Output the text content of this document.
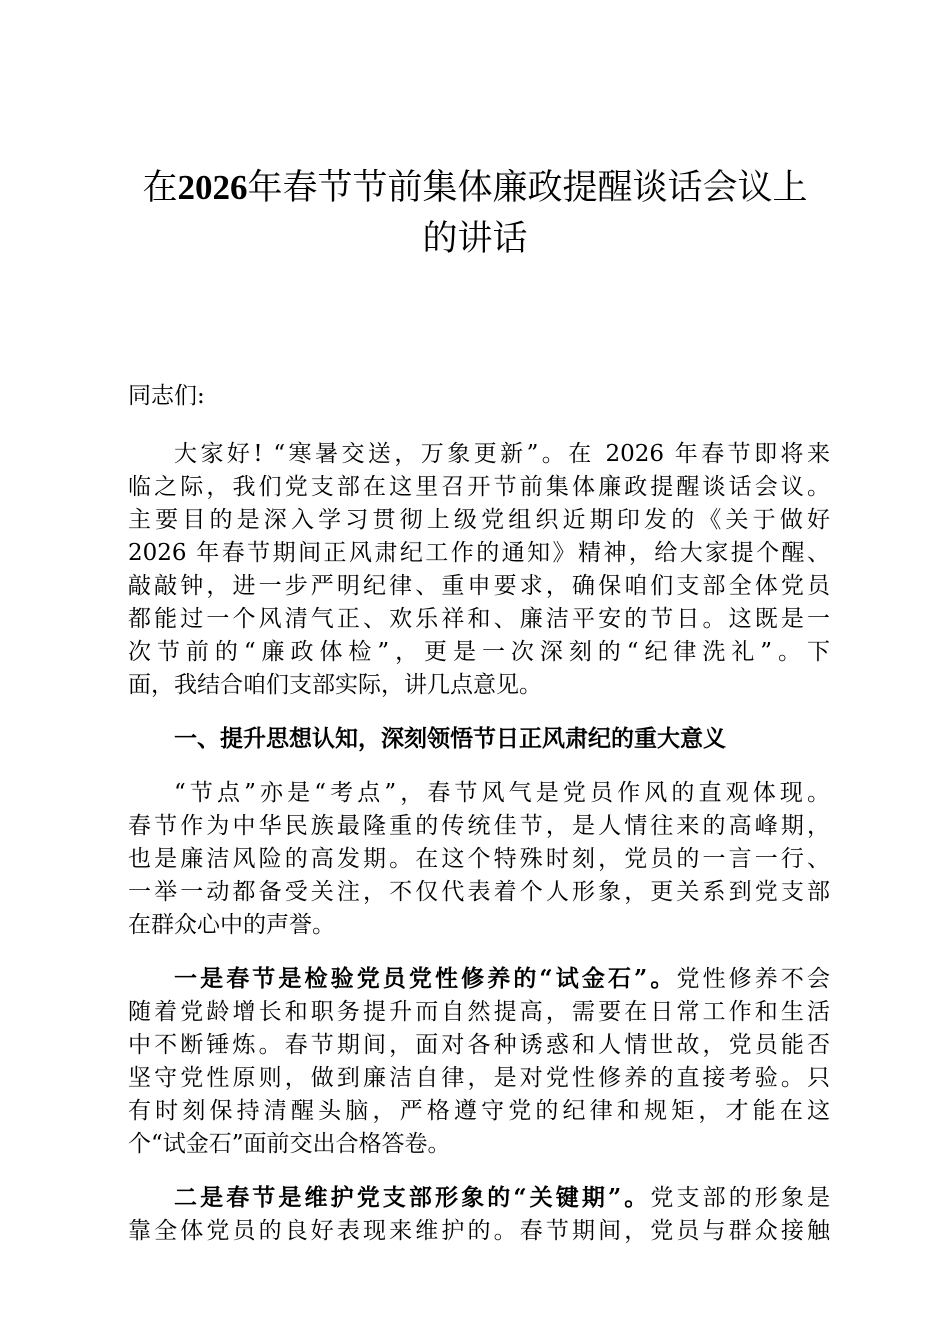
在2026年春节节前集体廉政提醒谈话会议上
的讲话
同志们:
大家好! “寒暑交送，万象更新”。在 2026 年春节即将来
临之际，我们党支部在这里召开节前集体廉政提醒谈话会议。
主要目的是深入学习贯彻上级党组织近期印发的《关于做好
2026 年春节期间正风肃纪工作的通知》精神，给大家提个醒、
敲敲钟，进一步严明纪律、重申要求，确保咱们支部全体党员
都能过一个风清气正、欢乐祥和、廉洁平安的节日。这既是一
次节前的“廉政体检”，更是一次深刻的“纪律洗礼”。下
面，我结合咱们支部实际，讲几点意见。
一、提升思想认知，深刻领悟节日正风肃纪的重大意义
“节点”亦是“考点”，春节风气是党员作风的直观体现。
春节作为中华民族最隆重的传统佳节，是人情往来的高峰期，
也是廉洁风险的高发期。在这个特殊时刻，党员的一言一行、
一举一动都备受关注，不仅代表着个人形象，更关系到党支部
在群众心中的声誉。
一是春节是检验党员党性修养的“试金石”。党性修养不会
随着党龄增长和职务提升而自然提高，需要在日常工作和生活
中不断锤炼。春节期间，面对各种诱惑和人情世故，党员能否
坚守党性原则，做到廉洁自律，是对党性修养的直接考验。只
有时刻保持清醒头脑，严格遵守党的纪律和规矩，才能在这
个“试金石”面前交出合格答卷。
二是春节是维护党支部形象的“关键期”。党支部的形象是
靠全体党员的良好表现来维护的。春节期间，党员与群众接触
